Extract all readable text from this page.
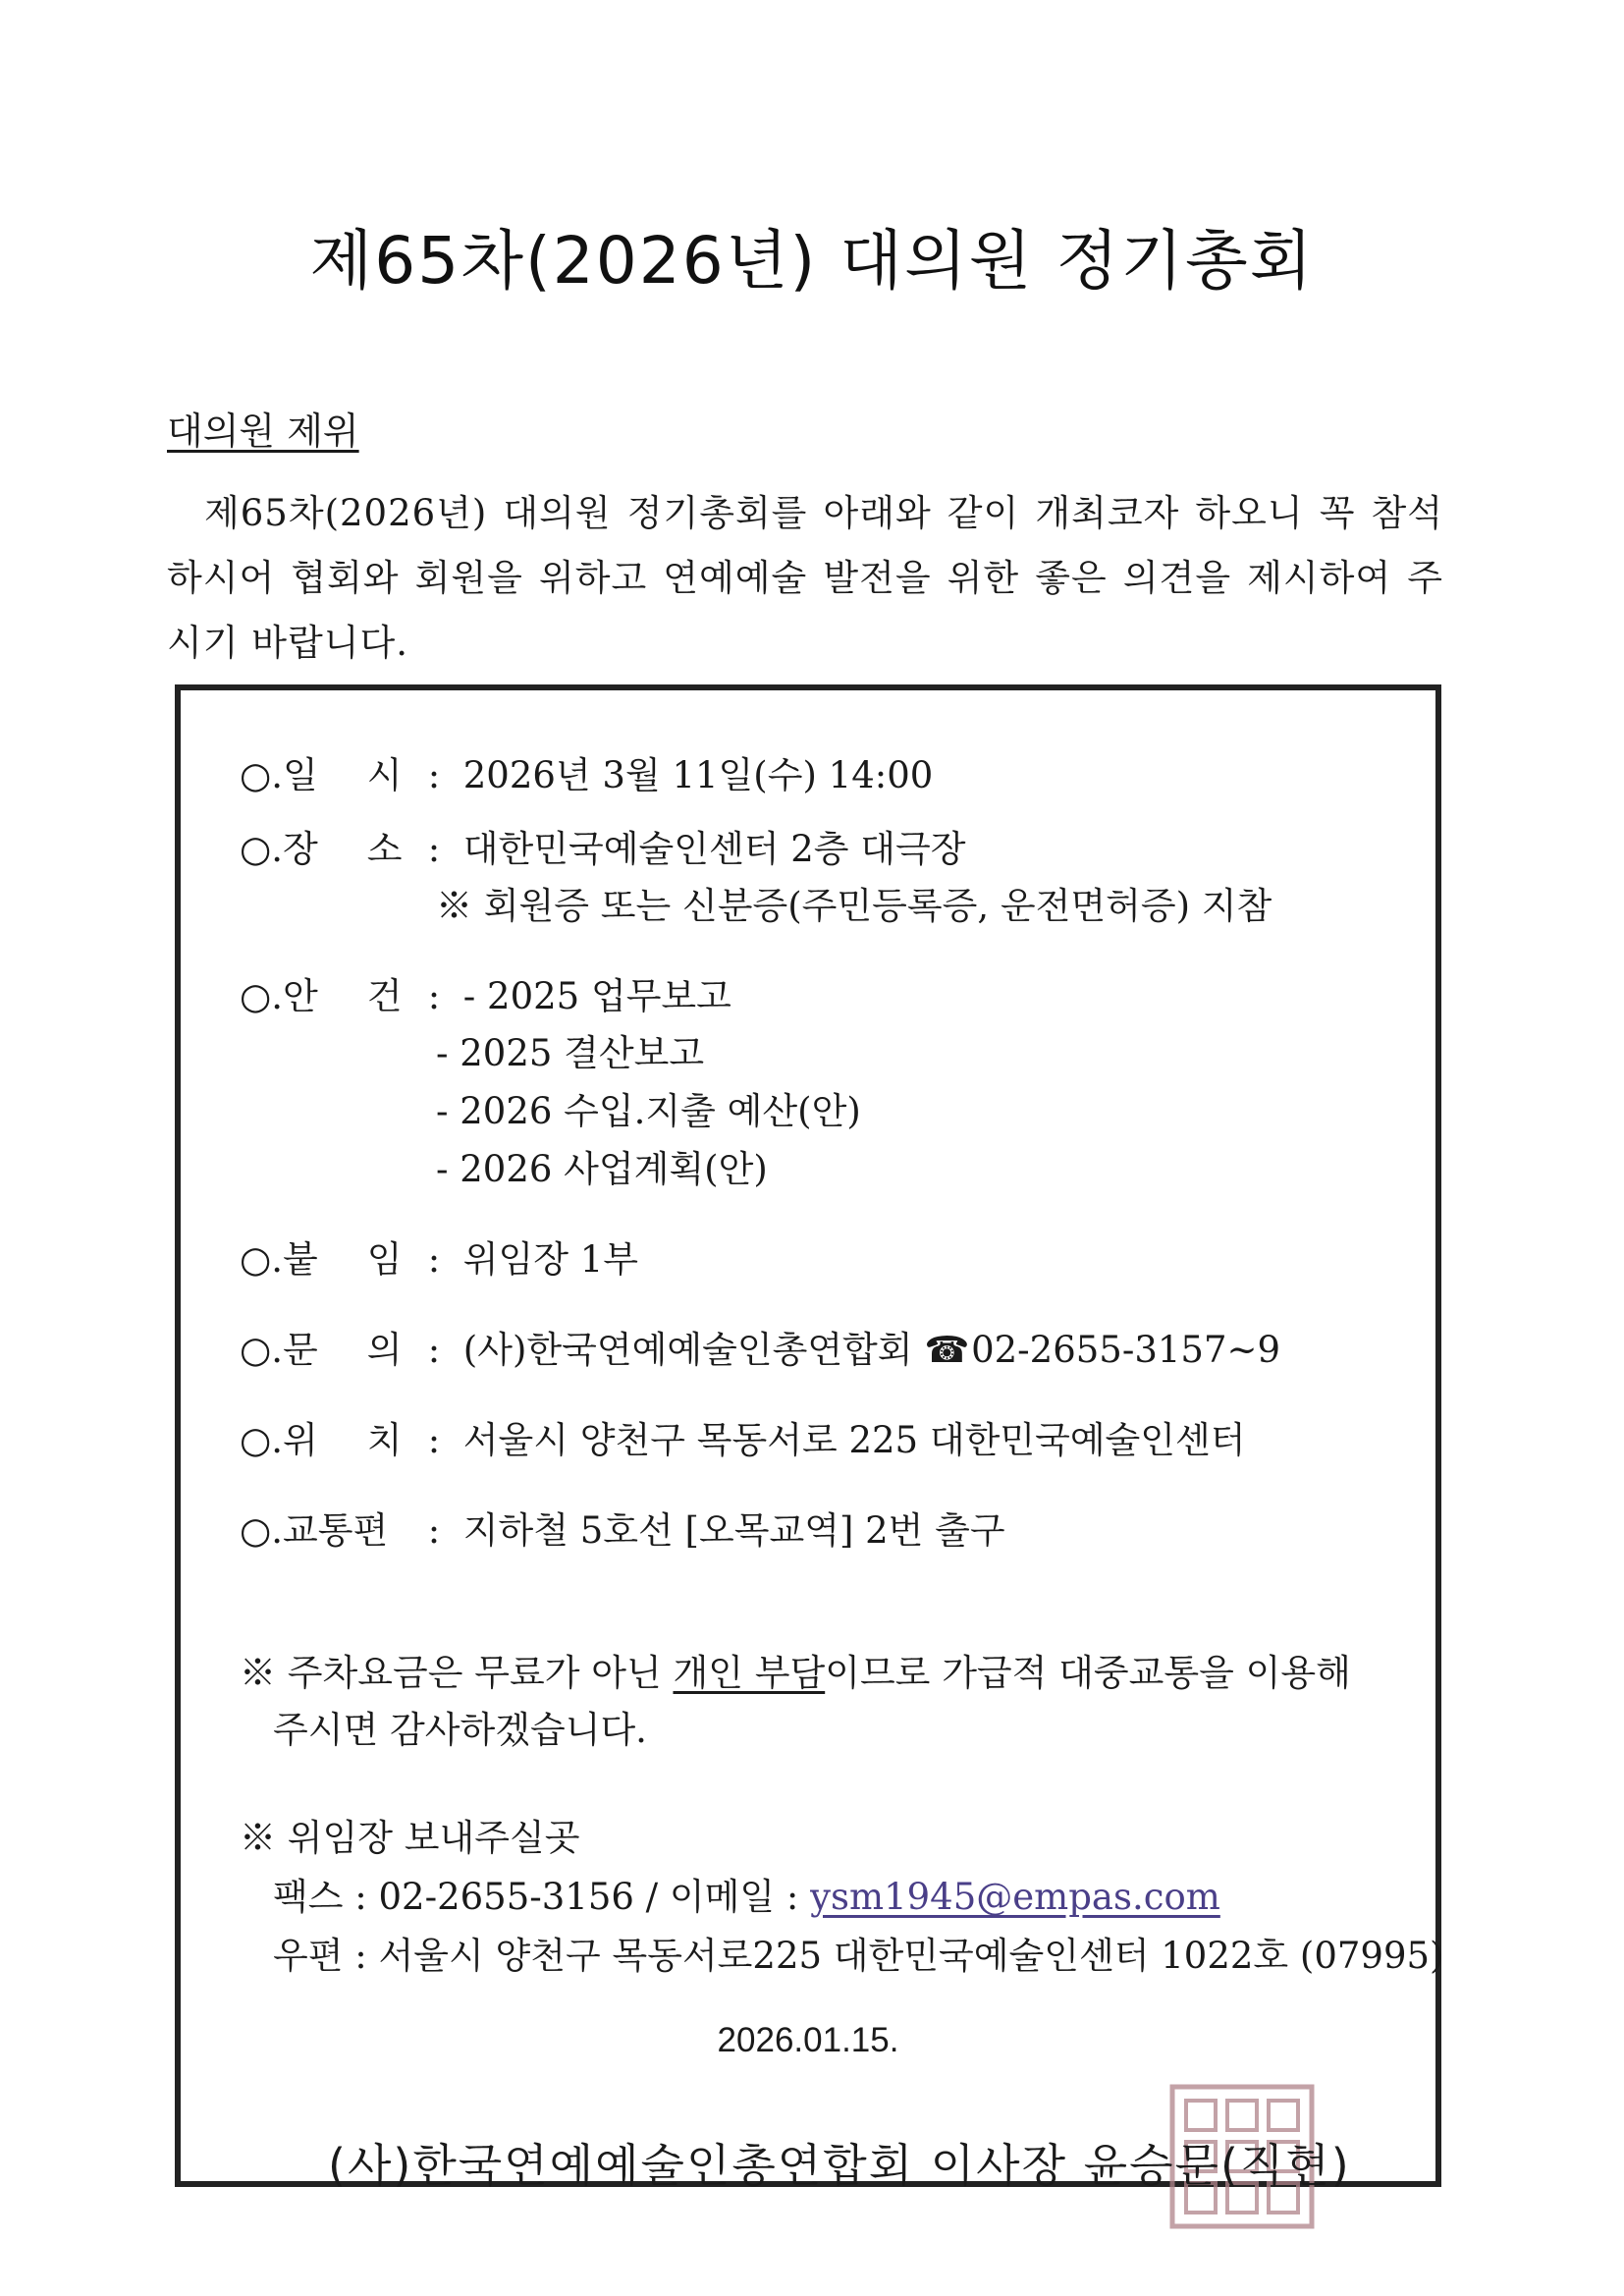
제65차(2026년) 대의원 정기총회
대의원 제위
제65차(2026년) 대의원 정기총회를 아래와 같이 개최코자 하오니 꼭 참석하시어 협회와 회원을 위하고 연예예술 발전을 위한 좋은 의견을 제시하여 주시기 바랍니다.
○.일 시 : 2026년 3월 11일(수) 14:00
○.장 소 : 대한민국예술인센터 2층 대극장
※ 회원증 또는 신분증(주민등록증, 운전면허증) 지참
○.안 건 : - 2025 업무보고
- 2025 결산보고
- 2026 수입.지출 예산(안)
- 2026 사업계획(안)
○.붙 임 : 위임장 1부
○.문 의 : (사)한국연예예술인총연합회 ☎ 02-2655-3157~9
○.위 치 : 서울시 양천구 목동서로 225 대한민국예술인센터
○.교통편 : 지하철 5호선 [오목교역] 2번 출구
※ 주차요금은 무료가 아닌 개인 부담이므로 가급적 대중교통을 이용해
주시면 감사하겠습니다.
※ 위임장 보내주실곳
팩스 : 02-2655-3156 / 이메일 : ysm1945@empas.com
우편 : 서울시 양천구 목동서로225 대한민국예술인센터 1022호 (07995)
2026.01.15.
(사)한국연예예술인총연합회 이사장 윤승문(직현)
